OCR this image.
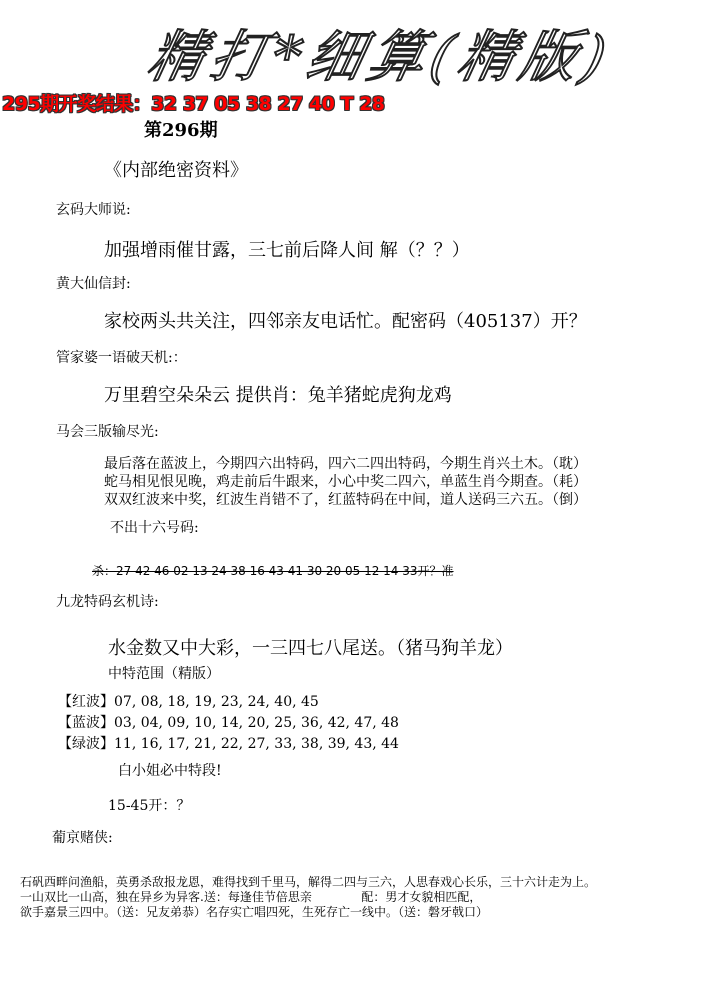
精打*细算(精版)
295期开奖结果：32 37 05 38 27 40 T 28
第296期
《内部绝密资料》
玄码大师说:
加强增雨催甘露，三七前后降人间 解（？？）
黄大仙信封:
家校两头共关注，四邻亲友电话忙。配密码（405137）开？
管家婆一语破天机:：
万里碧空朵朵云 提供肖：兔羊猪蛇虎狗龙鸡
马会三版输尽光:
最后落在蓝波上，今期四六出特码，四六二四出特码，今期生肖兴土木。（耽）
蛇马相见恨见晚，鸡走前后牛跟来，小心中奖二四六，单蓝生肖今期查。（耗）
双双红波来中奖，红波生肖错不了，红蓝特码在中间，道人送码三六五。（倒）
不出十六号码:
杀：27 42 46 02 13 24 38 16 43 41 30 20 05 12 14 33开？准
九龙特码玄机诗:
水金数又中大彩，一三四七八尾送。（猪马狗羊龙）
中特范围（精版）
【红波】07, 08, 18, 19, 23, 24, 40, 45
【蓝波】03, 04, 09, 10, 14, 20, 25, 36, 42, 47, 48
【绿波】11, 16, 17, 21, 22, 27, 33, 38, 39, 43, 44
白小姐必中特段!
15-45开：？
葡京赌侠:
石矾西畔问渔船，英勇杀敌报龙恩，难得找到千里马，解得二四与三六，人思春戏心长乐，三十六计走为上。
一山双比一山高，独在异乡为异客.送：每逢佳节倍思亲             配：男才女貌相匹配，
欲手嘉景三四中。（送：兄友弟恭）名存实亡唱四死，生死存亡一线中。（送：磐牙戟口）
